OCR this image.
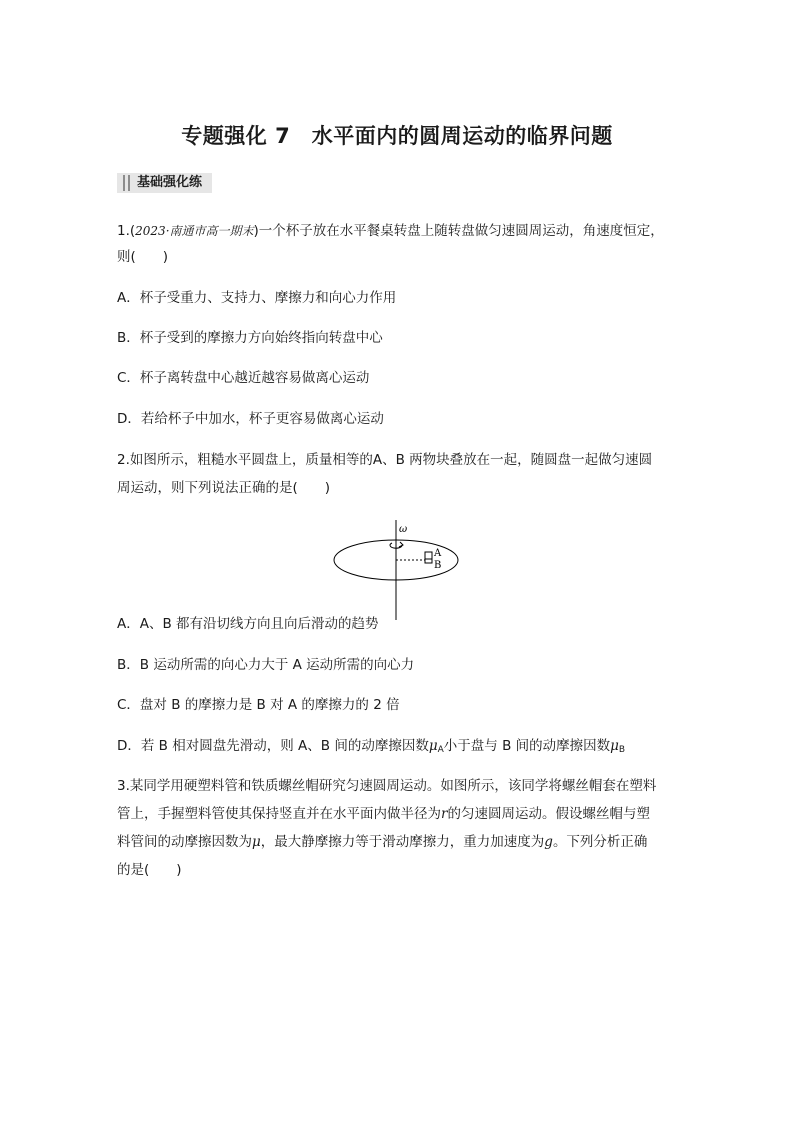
专题强化 7　水平面内的圆周运动的临界问题
基础强化练
1.(2023·南通市高一期末)一个杯子放在水平餐桌转盘上随转盘做匀速圆周运动，角速度恒定，
则(　　)
A．杯子受重力、支持力、摩擦力和向心力作用
B．杯子受到的摩擦力方向始终指向转盘中心
C．杯子离转盘中心越近越容易做离心运动
D．若给杯子中加水，杯子更容易做离心运动
2.如图所示，粗糙水平圆盘上，质量相等的A、B 两物块叠放在一起，随圆盘一起做匀速圆
周运动，则下列说法正确的是(　　)
ω
A
B
A．A、B 都有沿切线方向且向后滑动的趋势
B．B 运动所需的向心力大于 A 运动所需的向心力
C．盘对 B 的摩擦力是 B 对 A 的摩擦力的 2 倍
D．若 B 相对圆盘先滑动，则 A、B 间的动摩擦因数$\mu_A$小于盘与 B 间的动摩擦因数$\mu_B$
3.某同学用硬塑料管和铁质螺丝帽研究匀速圆周运动。如图所示，该同学将螺丝帽套在塑料
管上，手握塑料管使其保持竖直并在水平面内做半径为r的匀速圆周运动。假设螺丝帽与塑
料管间的动摩擦因数为μ，最大静摩擦力等于滑动摩擦力，重力加速度为g。下列分析正确
的是(　　)
